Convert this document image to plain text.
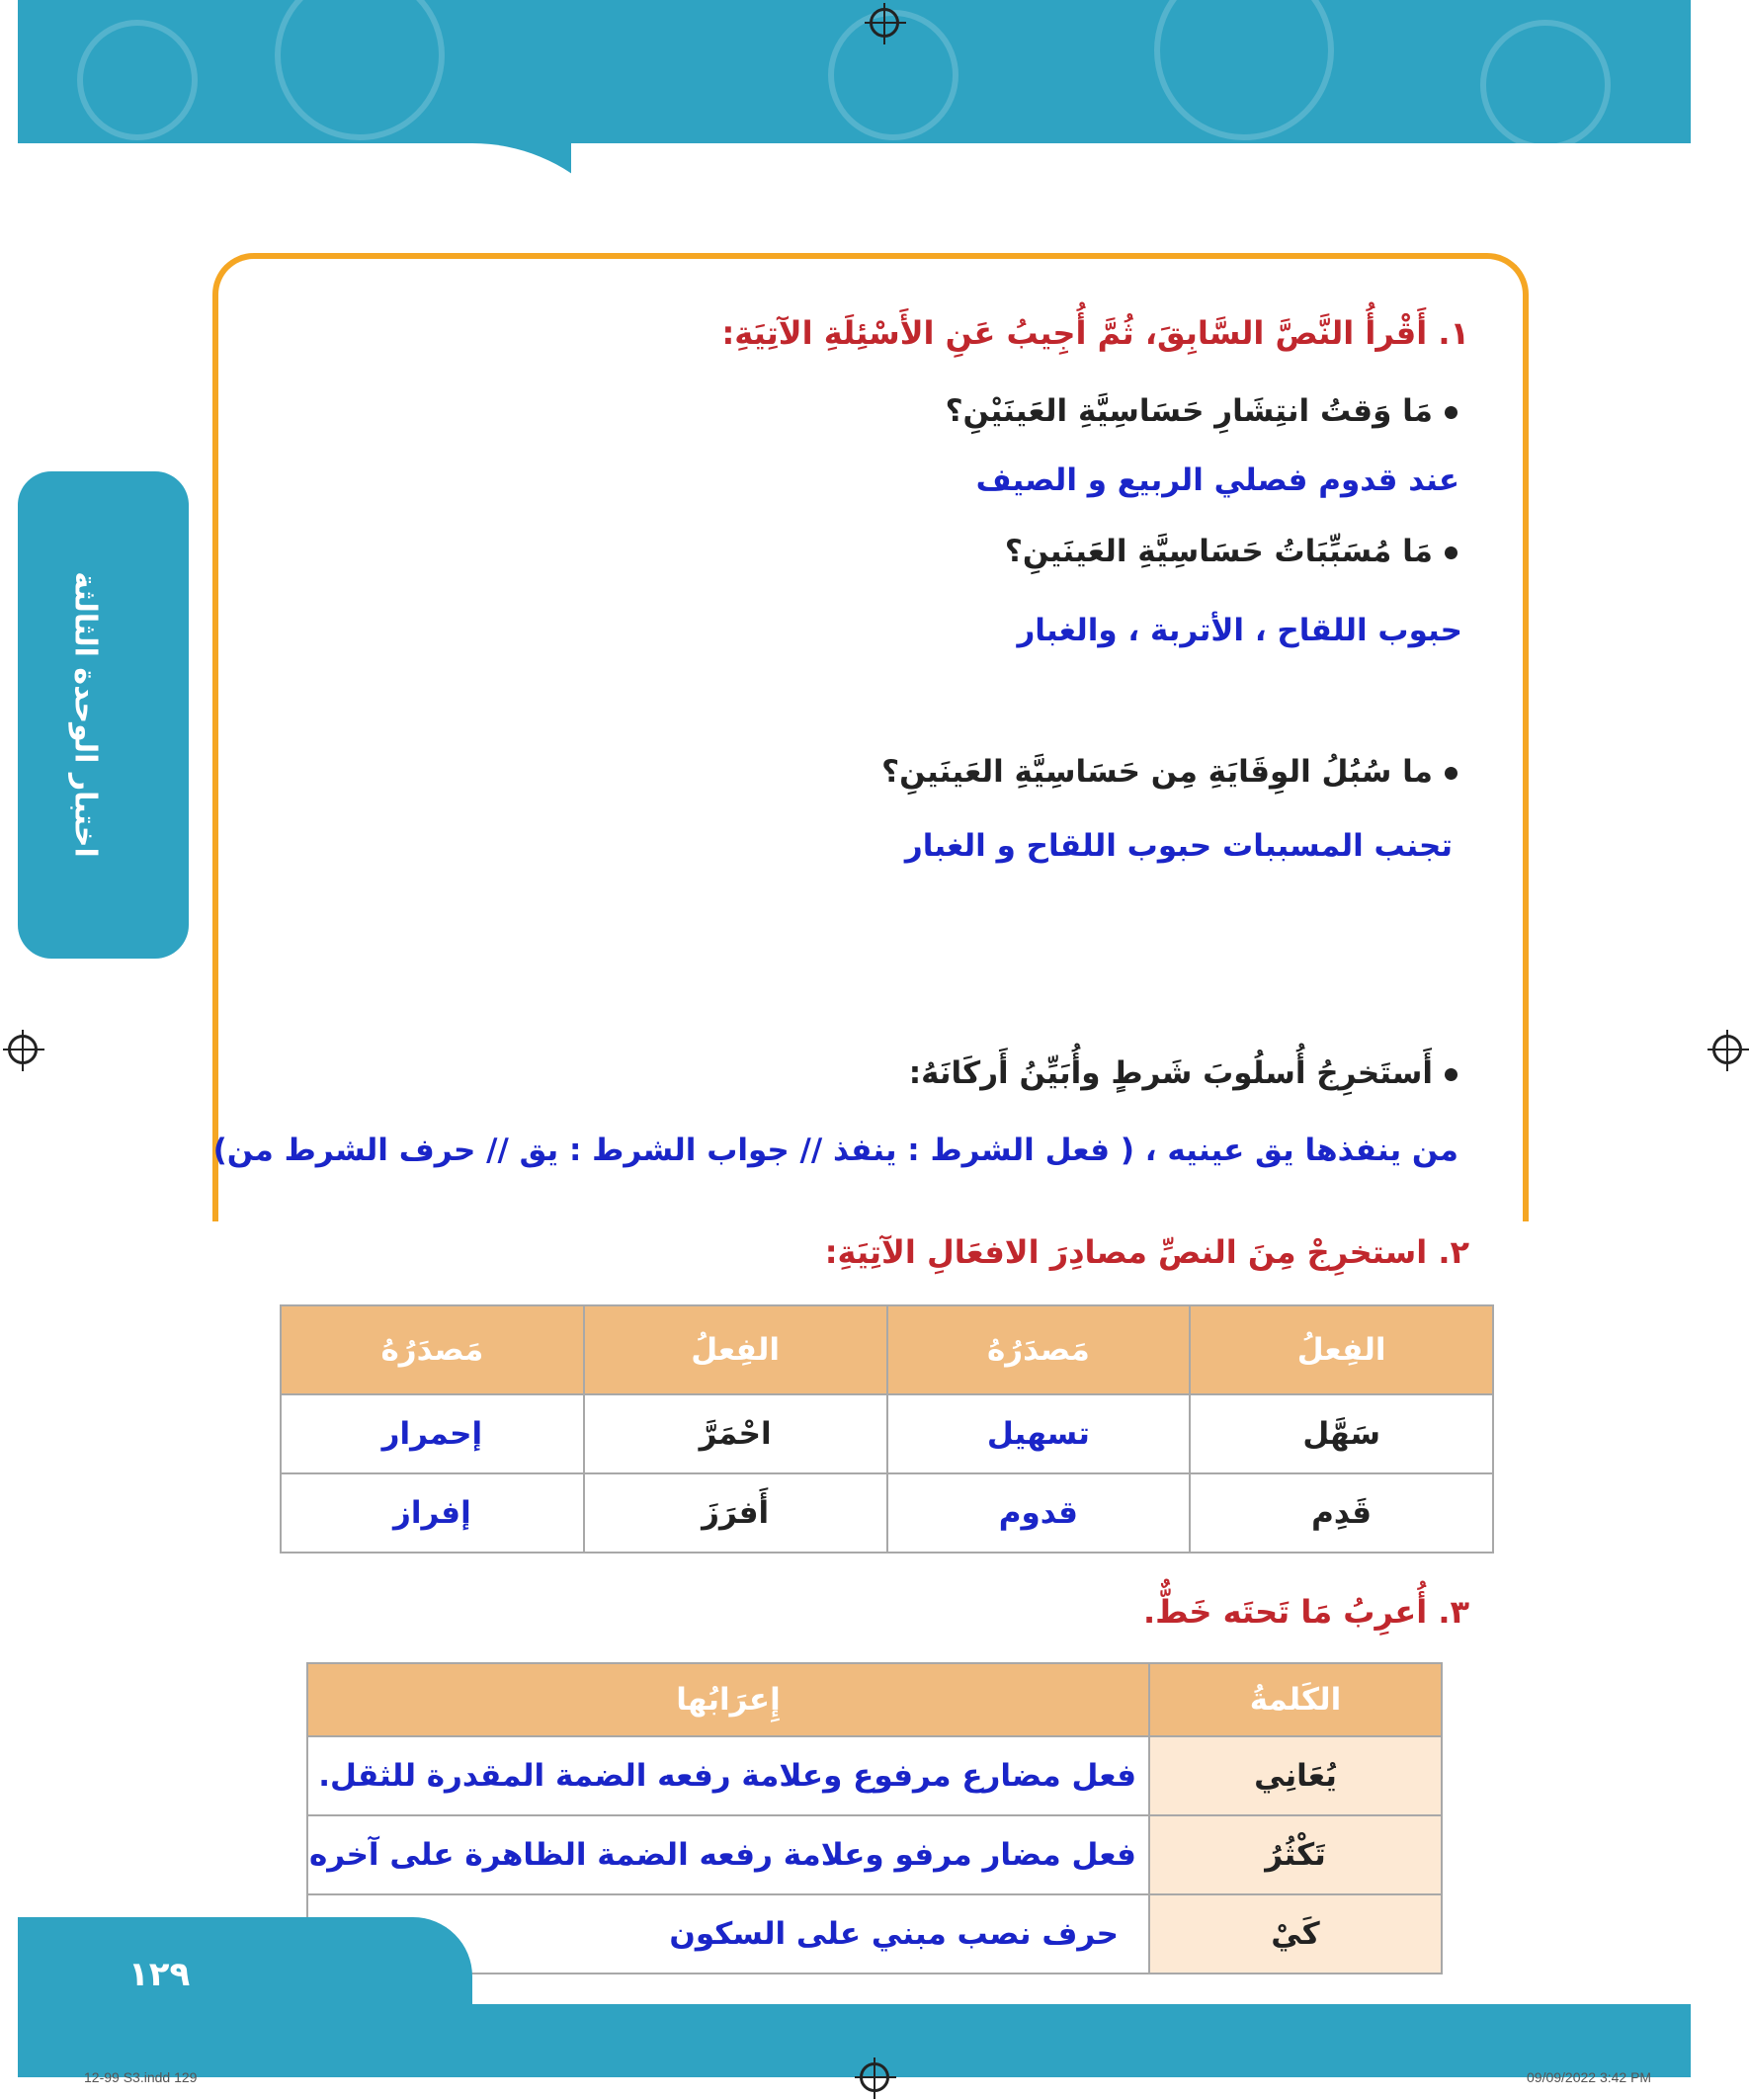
اختبار الوحدة الثالثة
١. أَقْرأُ النَّصَّ السَّابِقَ، ثُمَّ أُجِيبُ عَنِ الأَسْئِلَةِ الآتِيَةِ:
مَا وَقتُ انتِشَارِ حَسَاسِيَّةِ العَينَيْنِ؟
عند قدوم فصلي الربيع و الصيف
مَا مُسَبِّبَاتُ حَسَاسِيَّةِ العَينَينِ؟
حبوب اللقاح ، الأتربة ، والغبار
ما سُبُلُ الوِقَايَةِ مِن حَسَاسِيَّةِ العَينَينِ؟
تجنب المسببات حبوب اللقاح و الغبار
أَستَخرِجُ أُسلُوبَ شَرطٍ وأُبَيِّنُ أَركَانَهُ:
من ينفذها يق عينيه ، ( فعل الشرط : ينفذ // جواب الشرط : يق // حرف الشرط من)
٢. استخرِجْ مِنَ النصِّ مصادِرَ الافعَالِ الآتِيَةِ:
الفِعلُ	مَصدَرُهُ	الفِعلُ	مَصدَرُهُ
سَهَّل	تسهيل	احْمَرَّ	إحمرار
قَدِم	قدوم	أَفرَزَ	إفراز
٣. أُعرِبُ مَا تَحتَه خَطٌّ.
الكَلمةُ	إِعرَابُها
يُعَانِي	فعل مضارع مرفوع وعلامة رفعه الضمة المقدرة للثقل.
تَكْثُرُ	فعل مضار مرفو وعلامة رفعه الضمة الظاهرة على آخره
كَيْ	حرف نصب مبني على السكون
١٢٩
12-99 S3.indd 129	09/09/2022 3:42 PM
